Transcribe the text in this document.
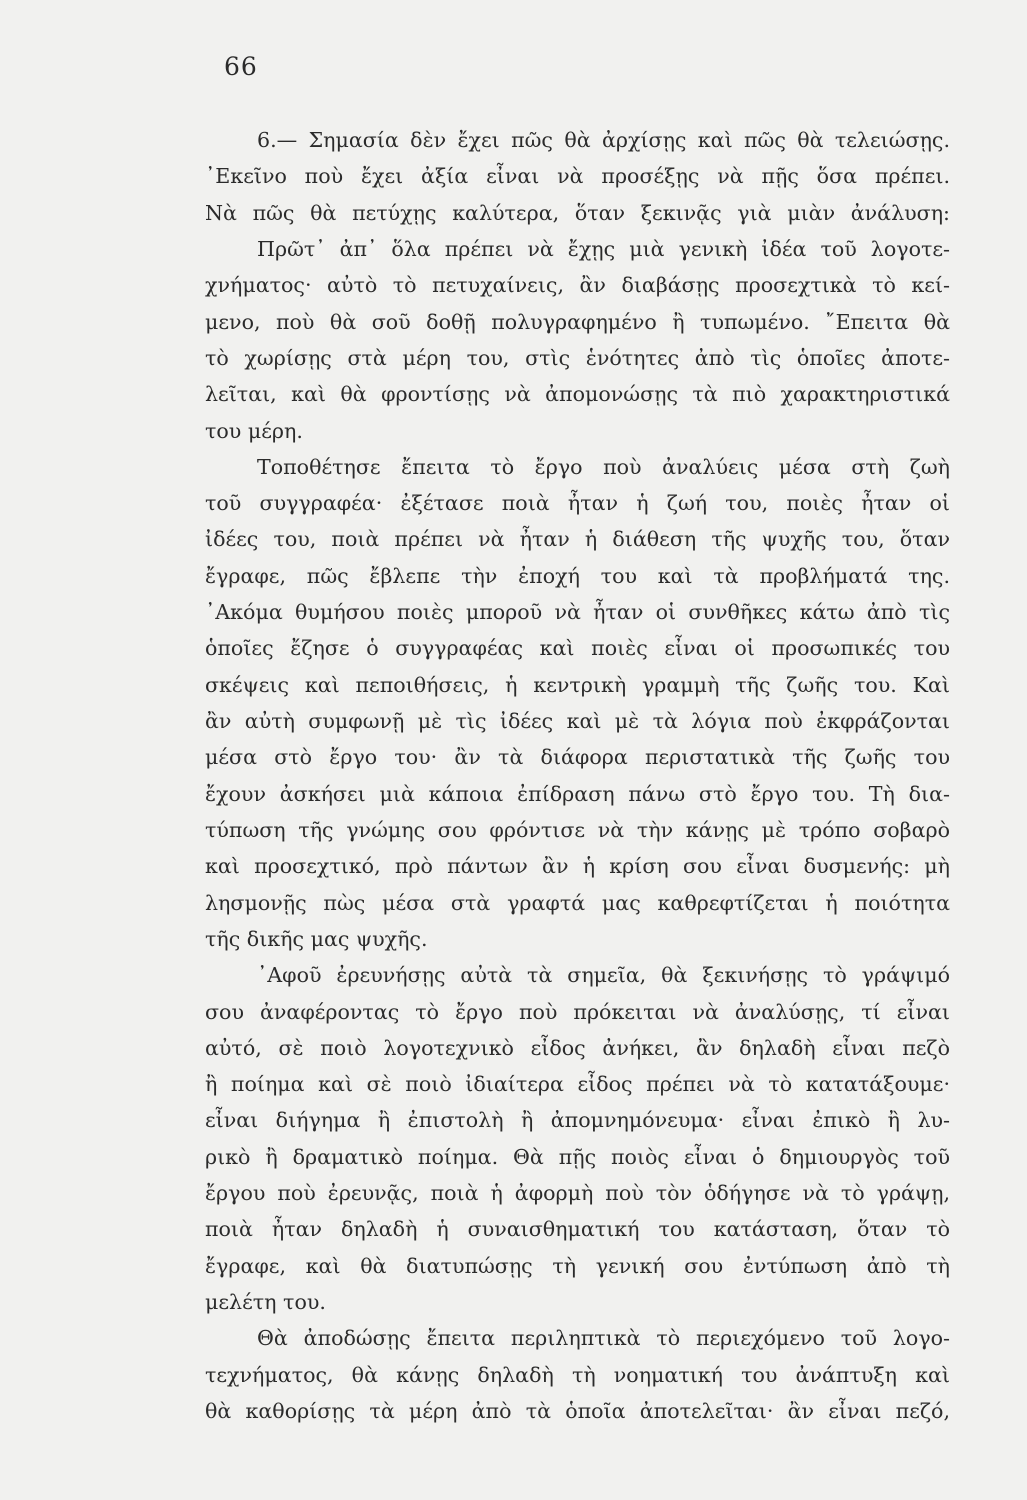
66
6.— Σημασία δὲν ἔχει πῶς θὰ ἀρχίσῃς καὶ πῶς θὰ τελειώσῃς.
᾿Εκεῖνο ποὺ ἔχει ἀξία εἶναι νὰ προσέξῃς νὰ πῇς ὅσα πρέπει.
Νὰ πῶς θὰ πετύχῃς καλύτερα, ὅταν ξεκινᾷς γιὰ μιὰν ἀνάλυση:
Πρῶτ᾿ ἀπ᾿ ὅλα πρέπει νὰ ἔχῃς μιὰ γενικὴ ἰδέα τοῦ λογοτε-
χνήματος· αὐτὸ τὸ πετυχαίνεις, ἂν διαβάσῃς προσεχτικὰ τὸ κεί-
μενο, ποὺ θὰ σοῦ δοθῇ πολυγραφημένο ἢ τυπωμένο. ῎Επειτα θὰ
τὸ χωρίσῃς στὰ μέρη του, στὶς ἑνότητες ἀπὸ τὶς ὁποῖες ἀποτε-
λεῖται, καὶ θὰ φροντίσῃς νὰ ἀπομονώσῃς τὰ πιὸ χαρακτηριστικά
του μέρη.
Τοποθέτησε ἔπειτα τὸ ἔργο ποὺ ἀναλύεις μέσα στὴ ζωὴ
τοῦ συγγραφέα· ἐξέτασε ποιὰ ἦταν ἡ ζωή του, ποιὲς ἦταν οἱ
ἰδέες του, ποιὰ πρέπει νὰ ἦταν ἡ διάθεση τῆς ψυχῆς του, ὅταν
ἔγραφε, πῶς ἔβλεπε τὴν ἐποχή του καὶ τὰ προβλήματά της.
᾿Ακόμα θυμήσου ποιὲς μποροῦ νὰ ἦταν οἱ συνθῆκες κάτω ἀπὸ τὶς
ὁποῖες ἔζησε ὁ συγγραφέας καὶ ποιὲς εἶναι οἱ προσωπικές του
σκέψεις καὶ πεποιθήσεις, ἡ κεντρικὴ γραμμὴ τῆς ζωῆς του. Καὶ
ἂν αὐτὴ συμφωνῇ μὲ τὶς ἰδέες καὶ μὲ τὰ λόγια ποὺ ἐκφράζονται
μέσα στὸ ἔργο του· ἂν τὰ διάφορα περιστατικὰ τῆς ζωῆς του
ἔχουν ἀσκήσει μιὰ κάποια ἐπίδραση πάνω στὸ ἔργο του. Τὴ δια-
τύπωση τῆς γνώμης σου φρόντισε νὰ τὴν κάνῃς μὲ τρόπο σοβαρὸ
καὶ προσεχτικό, πρὸ πάντων ἂν ἡ κρίση σου εἶναι δυσμενής: μὴ
λησμονῇς πὼς μέσα στὰ γραφτά μας καθρεφτίζεται ἡ ποιότητα
τῆς δικῆς μας ψυχῆς.
᾿Αφοῦ ἐρευνήσῃς αὐτὰ τὰ σημεῖα, θὰ ξεκινήσῃς τὸ γράψιμό
σου ἀναφέροντας τὸ ἔργο ποὺ πρόκειται νὰ ἀναλύσῃς, τί εἶναι
αὐτό, σὲ ποιὸ λογοτεχνικὸ εἶδος ἀνήκει, ἂν δηλαδὴ εἶναι πεζὸ
ἢ ποίημα καὶ σὲ ποιὸ ἰδιαίτερα εἶδος πρέπει νὰ τὸ κατατάξουμε·
εἶναι διήγημα ἢ ἐπιστολὴ ἢ ἀπομνημόνευμα· εἶναι ἐπικὸ ἢ λυ-
ρικὸ ἢ δραματικὸ ποίημα. Θὰ πῇς ποιὸς εἶναι ὁ δημιουργὸς τοῦ
ἔργου ποὺ ἐρευνᾷς, ποιὰ ἡ ἀφορμὴ ποὺ τὸν ὁδήγησε νὰ τὸ γράψῃ,
ποιὰ ἦταν δηλαδὴ ἡ συναισθηματική του κατάσταση, ὅταν τὸ
ἔγραφε, καὶ θὰ διατυπώσῃς τὴ γενική σου ἐντύπωση ἀπὸ τὴ
μελέτη του.
Θὰ ἀποδώσῃς ἔπειτα περιληπτικὰ τὸ περιεχόμενο τοῦ λογο-
τεχνήματος, θὰ κάνῃς δηλαδὴ τὴ νοηματική του ἀνάπτυξη καὶ
θὰ καθορίσῃς τὰ μέρη ἀπὸ τὰ ὁποῖα ἀποτελεῖται· ἂν εἶναι πεζό,
